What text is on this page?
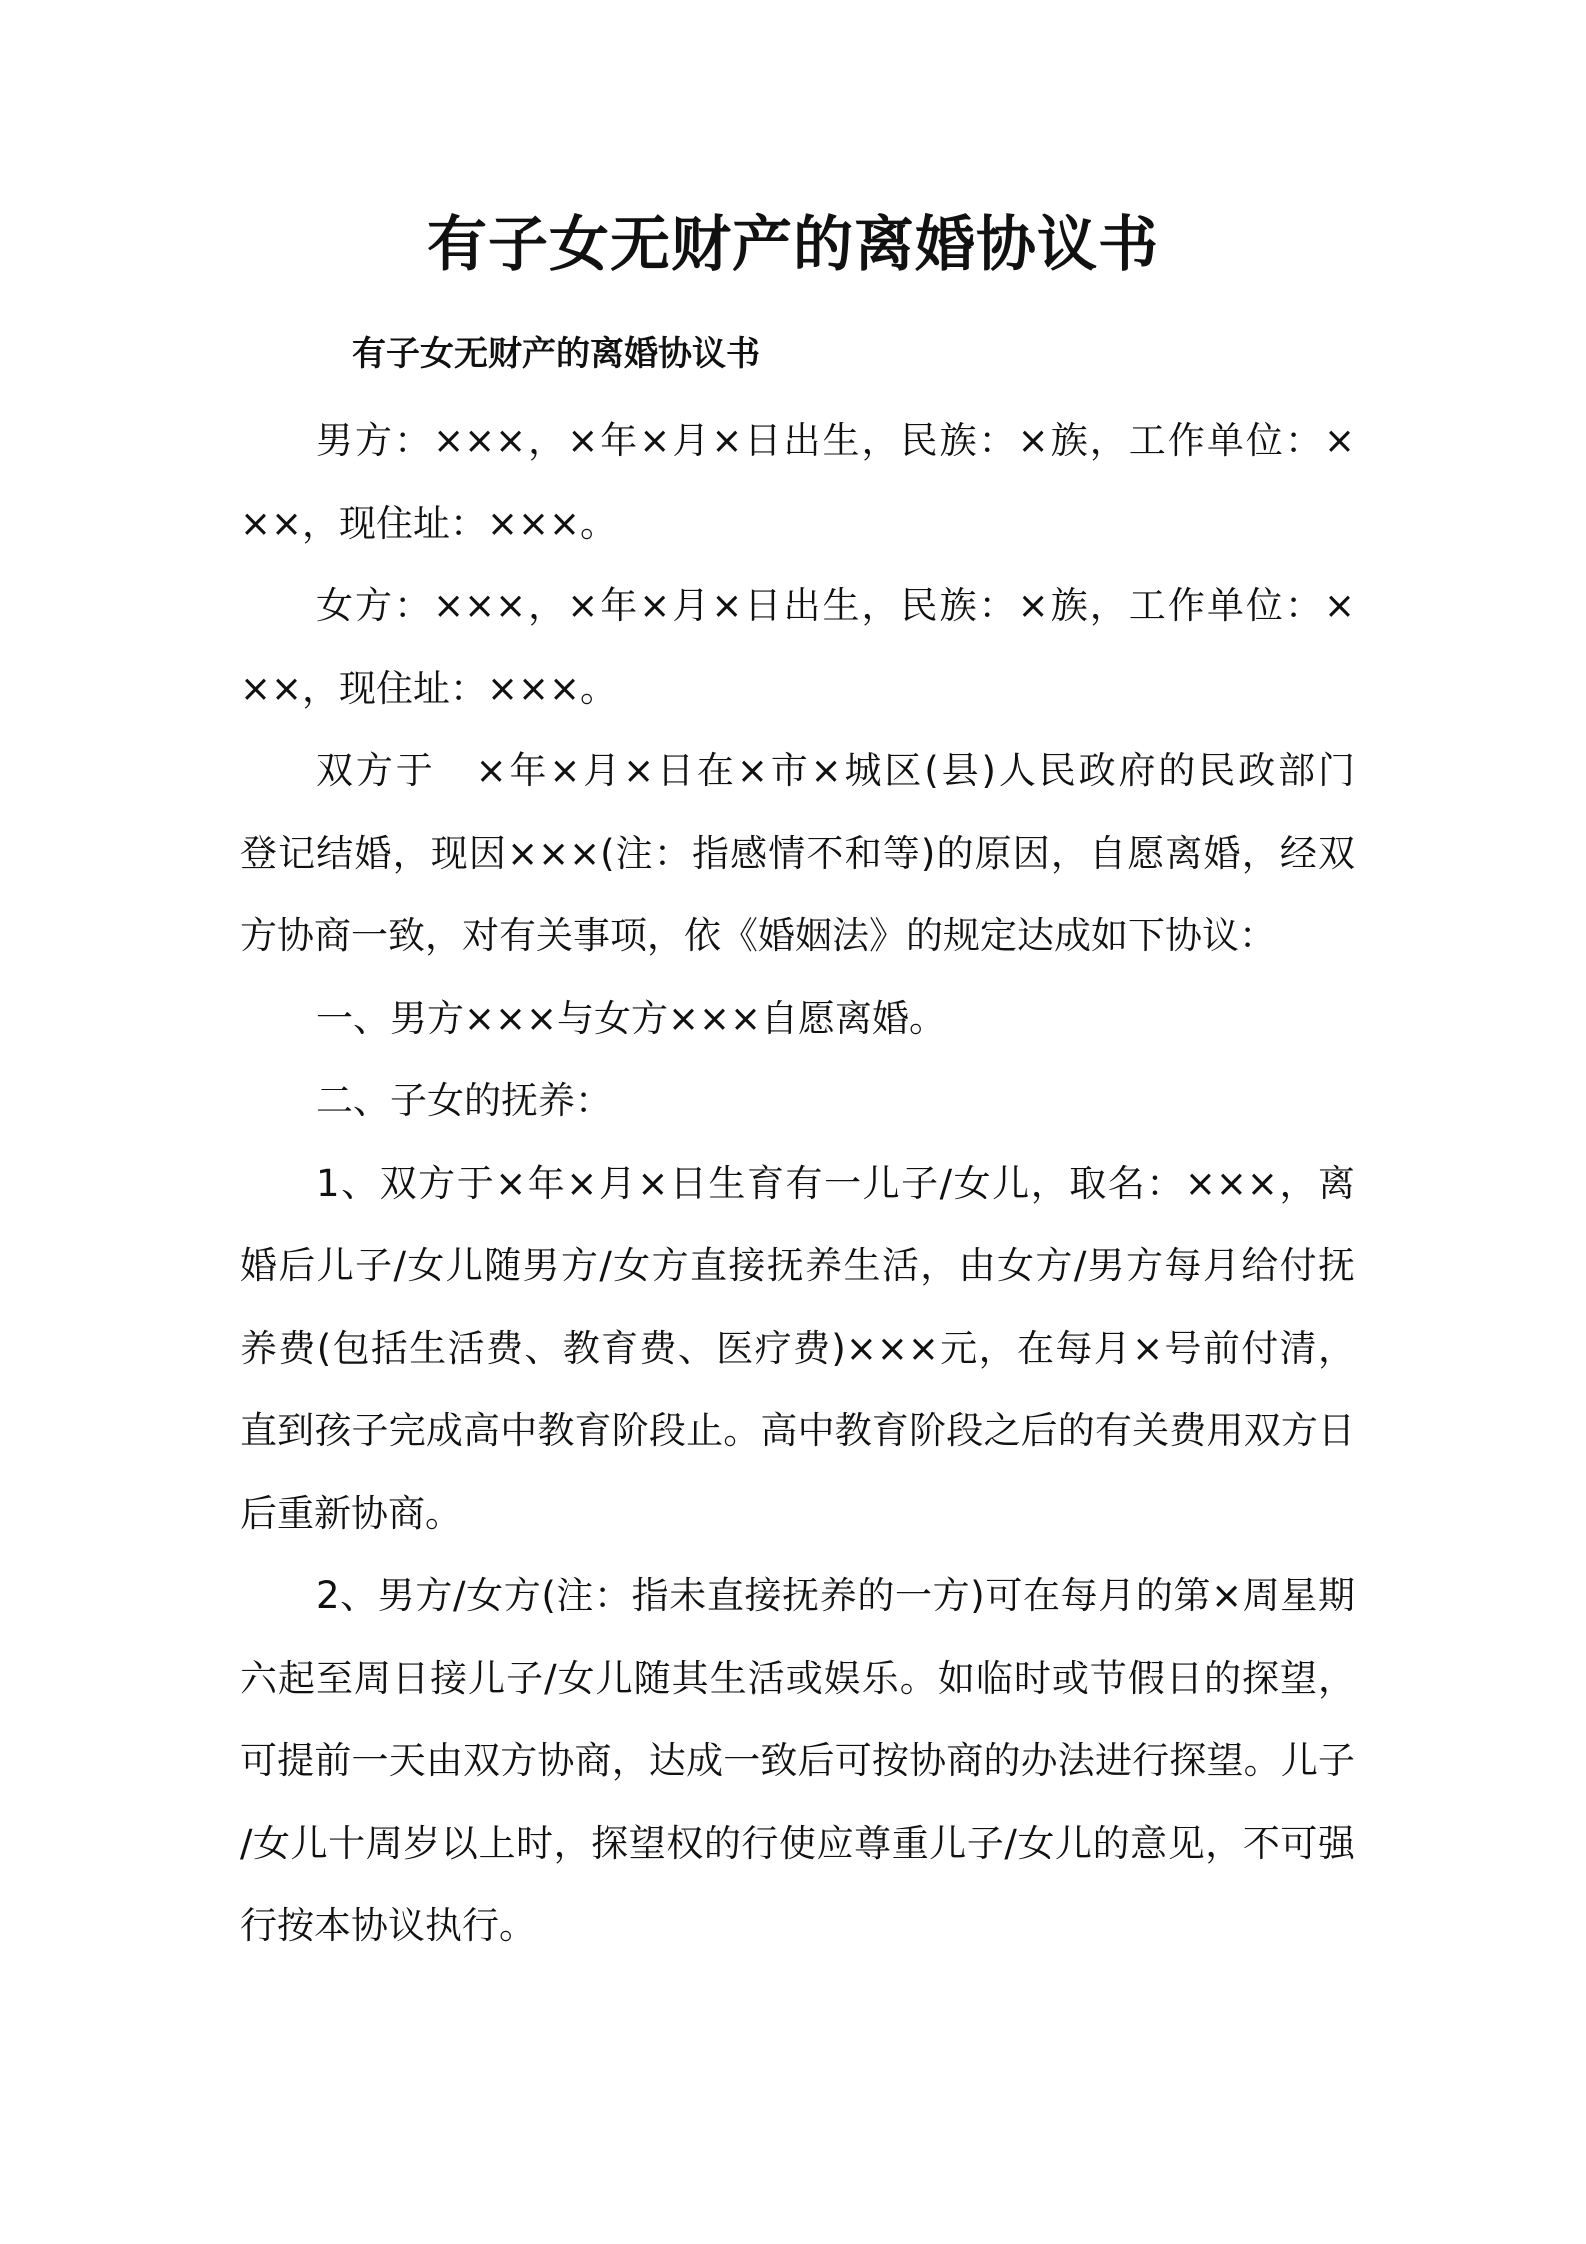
有子女无财产的离婚协议书
有子女无财产的离婚协议书
男方：×××，×年×月×日出生，民族：×族，工作单位：×
××，现住址：×××。
女方：×××，×年×月×日出生，民族：×族，工作单位：×
××，现住址：×××。
双方于　×年×月×日在×市×城区(县)人民政府的民政部门
登记结婚，现因×××(注：指感情不和等)的原因，自愿离婚，经双
方协商一致，对有关事项，依《婚姻法》的规定达成如下协议：
一、男方×××与女方×××自愿离婚。
二、子女的抚养：
1、双方于×年×月×日生育有一儿子/女儿，取名：×××，离
婚后儿子/女儿随男方/女方直接抚养生活，由女方/男方每月给付抚
养费(包括生活费、教育费、医疗费)×××元，在每月×号前付清，
直到孩子完成高中教育阶段止。高中教育阶段之后的有关费用双方日
后重新协商。
2、男方/女方(注：指未直接抚养的一方)可在每月的第×周星期
六起至周日接儿子/女儿随其生活或娱乐。如临时或节假日的探望，
可提前一天由双方协商，达成一致后可按协商的办法进行探望。儿子
/女儿十周岁以上时，探望权的行使应尊重儿子/女儿的意见，不可强
行按本协议执行。
